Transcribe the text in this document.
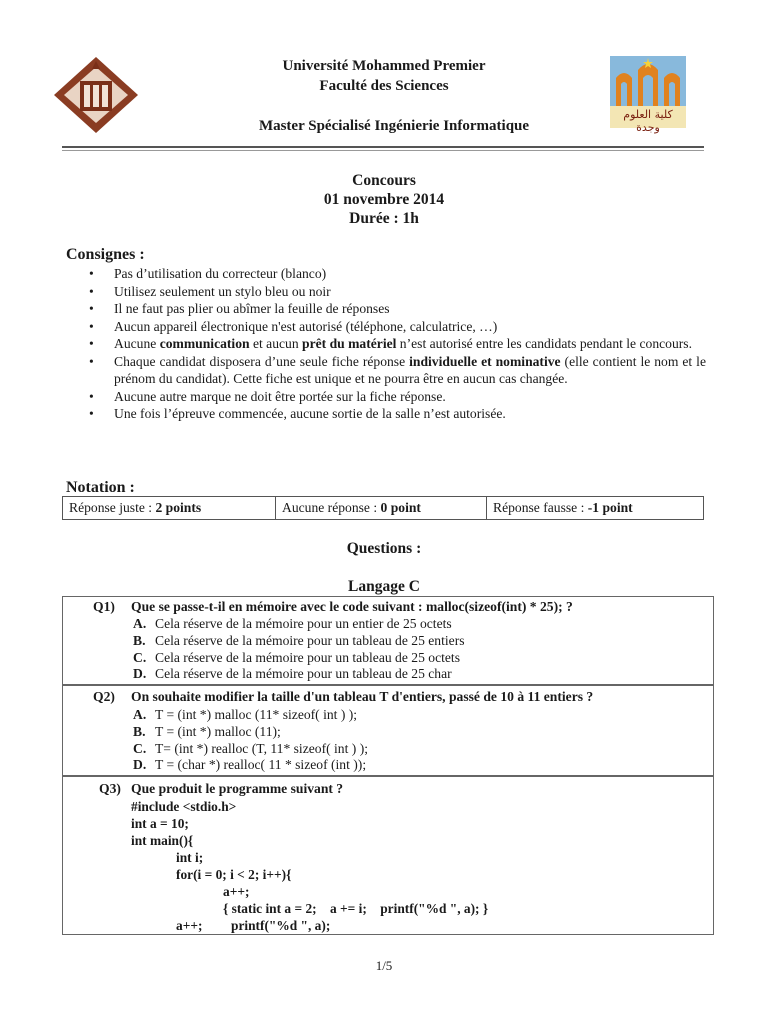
كلية العلوم وجدة
Université Mohammed Premier
Faculté des Sciences
Master Spécialisé Ingénierie Informatique
Concours
01 novembre 2014
Durée : 1h
Consignes :
• Pas d’utilisation du correcteur (blanco)
• Utilisez seulement un stylo bleu ou noir
• Il ne faut pas plier ou abîmer la feuille de réponses
• Aucun appareil électronique n'est autorisé (téléphone, calculatrice, …)
• Aucune communication et aucun prêt du matériel n’est autorisé entre les candidats pendant le concours.
• Chaque candidat disposera d’une seule fiche réponse individuelle et nominative (elle contient le nom et le prénom du candidat). Cette fiche est unique et ne pourra être en aucun cas changée.
• Aucune autre marque ne doit être portée sur la fiche réponse.
• Une fois l’épreuve commencée, aucune sortie de la salle n’est autorisée.
Notation :
Réponse juste : 2 points	Aucune réponse : 0 point	Réponse fausse : -1 point
Questions :
Langage C
Q1) Que se passe-t-il en mémoire avec le code suivant : malloc(sizeof(int) * 25); ?
A. Cela réserve de la mémoire pour un entier de 25 octets
B. Cela réserve de la mémoire pour un tableau de 25 entiers
C. Cela réserve de la mémoire pour un tableau de 25 octets
D. Cela réserve de la mémoire pour un tableau de 25 char
Q2) On souhaite modifier la taille d'un tableau T d'entiers, passé de 10 à 11 entiers ?
A. T = (int *) malloc (11* sizeof( int ) );
B. T = (int *) malloc (11);
C. T= (int *) realloc (T, 11* sizeof( int ) );
D. T = (char *) realloc( 11 * sizeof (int ));
Q3) Que produit le programme suivant ?
#include <stdio.h>
int a = 10;
int main(){
int i;
for(i = 0; i < 2; i++){
a++;
{ static int a = 2;    a += i;    printf("%d ", a); }
a++; printf("%d ", a);
1/5
